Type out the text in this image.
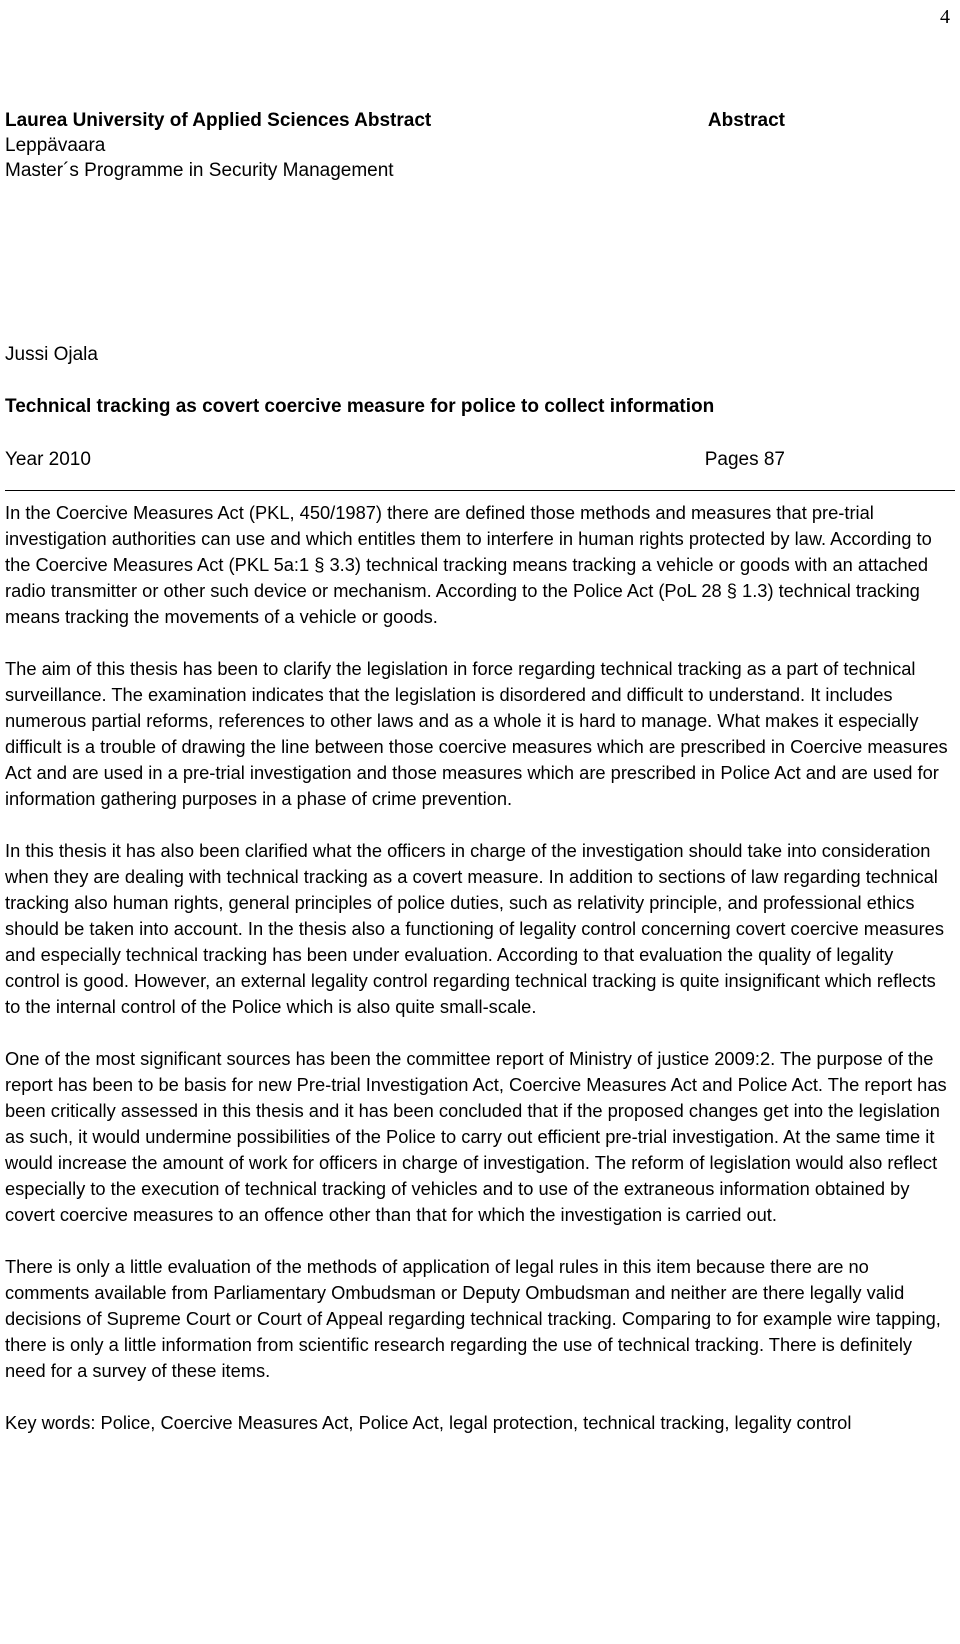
4
Laurea University of Applied Sciences Abstract	Abstract
Leppävaara
Master´s Programme in Security Management
Jussi Ojala
Technical tracking as covert coercive measure for police to collect information
Year 2010	Pages 87

In the Coercive Measures Act (PKL, 450/1987) there are defined those methods and measures that pre-trial investigation authorities can use and which entitles them to interfere in human rights protected by law. According to the Coercive Measures Act (PKL 5a:1 § 3.3) technical tracking means tracking a vehicle or goods with an attached radio transmitter or other such device or mechanism. According to the Police Act (PoL 28 § 1.3) technical tracking means tracking the movements of a vehicle or goods.

The aim of this thesis has been to clarify the legislation in force regarding technical tracking as a part of technical surveillance. The examination indicates that the legislation is disordered and difficult to understand. It includes numerous partial reforms, references to other laws and as a whole it is hard to manage. What makes it especially difficult is a trouble of drawing the line between those coercive measures which are prescribed in Coercive measures Act and are used in a pre-trial investigation and those measures which are prescribed in Police Act and are used for information gathering purposes in a phase of crime prevention.

In this thesis it has also been clarified what the officers in charge of the investigation should take into consideration when they are dealing with technical tracking as a covert measure. In addition to sections of law regarding technical tracking also human rights, general principles of police duties, such as relativity principle, and professional ethics should be taken into account. In the thesis also a functioning of legality control concerning covert coercive measures and especially technical tracking has been under evaluation. According to that evaluation the quality of legality control is good. However, an external legality control regarding technical tracking is quite insignificant which reflects to the internal control of the Police which is also quite small-scale.

One of the most significant sources has been the committee report of Ministry of justice 2009:2. The purpose of the report has been to be basis for new Pre-trial Investigation Act, Coercive Measures Act and Police Act. The report has been critically assessed in this thesis and it has been concluded that if the proposed changes get into the legislation as such, it would undermine possibilities of the Police to carry out efficient pre-trial investigation. At the same time it would increase the amount of work for officers in charge of investigation. The reform of legislation would also reflect especially to the execution of technical tracking of vehicles and to use of the extraneous information obtained by covert coercive measures to an offence other than that for which the investigation is carried out.

There is only a little evaluation of the methods of application of legal rules in this item because there are no comments available from Parliamentary Ombudsman or Deputy Ombudsman and neither are there legally valid decisions of Supreme Court or Court of Appeal regarding technical tracking. Comparing to for example wire tapping, there is only a little information from scientific research regarding the use of technical tracking. There is definitely need for a survey of these items.

Key words: Police, Coercive Measures Act, Police Act, legal protection, technical tracking, legality control
